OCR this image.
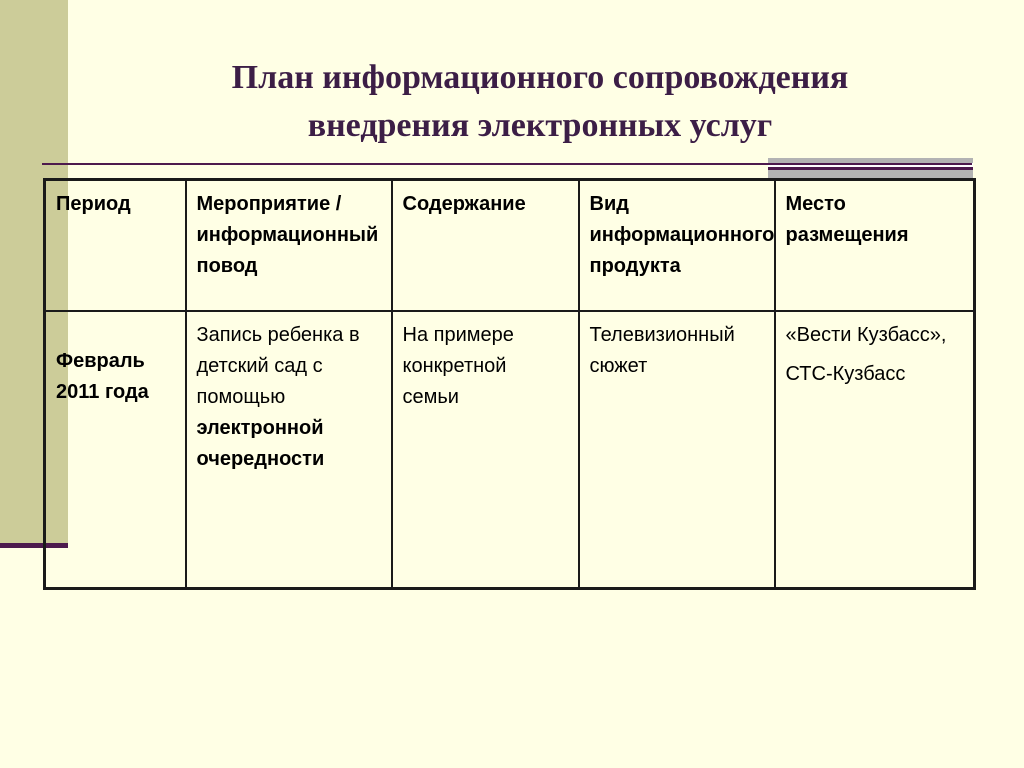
План информационного сопровождения
внедрения электронных услуг
Период	Мероприятие / информационный повод	Содержание	Вид информационного продукта	Место размещения
Февраль 2011 года	Запись ребенка в детский сад с помощью электронной очередности	На примере конкретной семьи	Телевизионный сюжет	«Вести Кузбасс»,
СТС-Кузбасс
